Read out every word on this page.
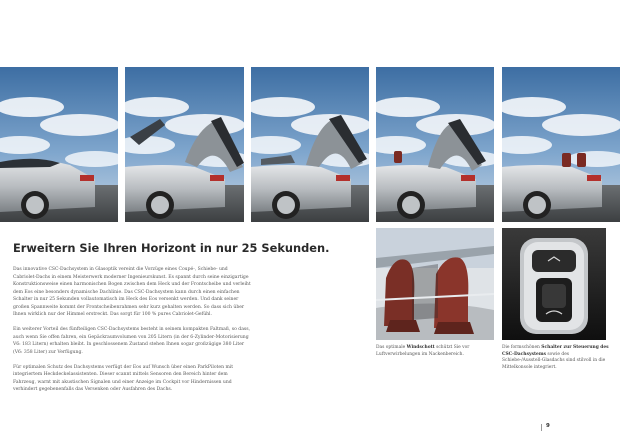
Erweitern Sie Ihren Horizont in nur 25 Sekunden.

Das innovative CSC-Dachsystem in Glasoptik vereint die Vorzüge eines Coupé-, Schiebe- und Cabriolet-Dachs in einem Meisterwerk moderner Ingenieurskunst. Es spannt durch seine einzigartige Konstruktionsweise einen harmonischen Bogen zwischen dem Heck und der Frontscheibe und verleiht dem Eos eine besonders dynamische Dachlinie. Das CSC-Dachsystem kann durch einen einfachen Schalter in nur 25 Sekunden vollautomatisch im Heck des Eos versenkt werden. Und dank seiner großen Spannweite kommt der Frontscheibenrahmen sehr kurz gehalten werden. So dass sich über Ihnen wirklich nur der Himmel erstreckt. Das sorgt für 100 % pures Cabriolet-Gefühl.

Ein weiterer Vorteil des fünfteiligen CSC-Dachsystems besteht in seinem kompakten Faltmaß, so dass, auch wenn Sie offen fahren, ein Gepäckraumvolumen von 205 Litern (in der 6-Zylinder-Motorisierung V6: 183 Litern) erhalten bleibt. In geschlossenem Zustand stehen Ihnen sogar großzügige 380 Liter (V6: 358 Liter) zur Verfügung.

Für optimalen Schutz des Dachsystems verfügt der Eos auf Wunsch über einen ParkPiloten mit integriertem Heckdeckelassistenten. Dieser scannt mittels Sensoren den Bereich hinter dem Fahrzeug, warnt mit akustischen Signalen und einer Anzeige im Cockpit vor Hindernissen und verhindert gegebenenfalls das Versenken oder Ausfahren des Dachs.

Das optimale Windschott schützt Sie vor Luftverwirbelungen im Nackenbereich.

Die formschönen Schalter zur Steuerung des CSC-Dachsystems sowie des Schiebe-/Ausstell-Glasdachs sind stilvoll in die Mittelkonsole integriert.

9
